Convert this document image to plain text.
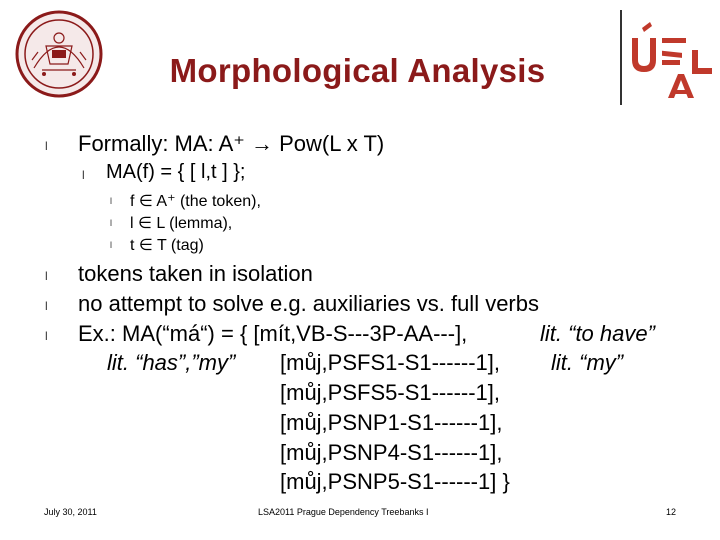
Morphological Analysis
l Formally: MA: A⁺ → Pow(L x T)
l MA(f) = { [ l,t ] };
l f ∈ A⁺ (the token),
l l ∈ L (lemma),
l t ∈ T (tag)
l tokens taken in isolation
l no attempt to solve e.g. auxiliaries vs. full verbs
l Ex.: MA(“má“) = { [mít,VB-S---3P-AA---],	lit. “to have”
lit. “has”,”my” [můj,PSFS1-S1------1], lit. “my”
[můj,PSFS5-S1------1],
[můj,PSNP1-S1------1],
[můj,PSNP4-S1------1],
[můj,PSNP5-S1------1] }
July 30, 2011	LSA2011 Prague Dependency Treebanks I	12
